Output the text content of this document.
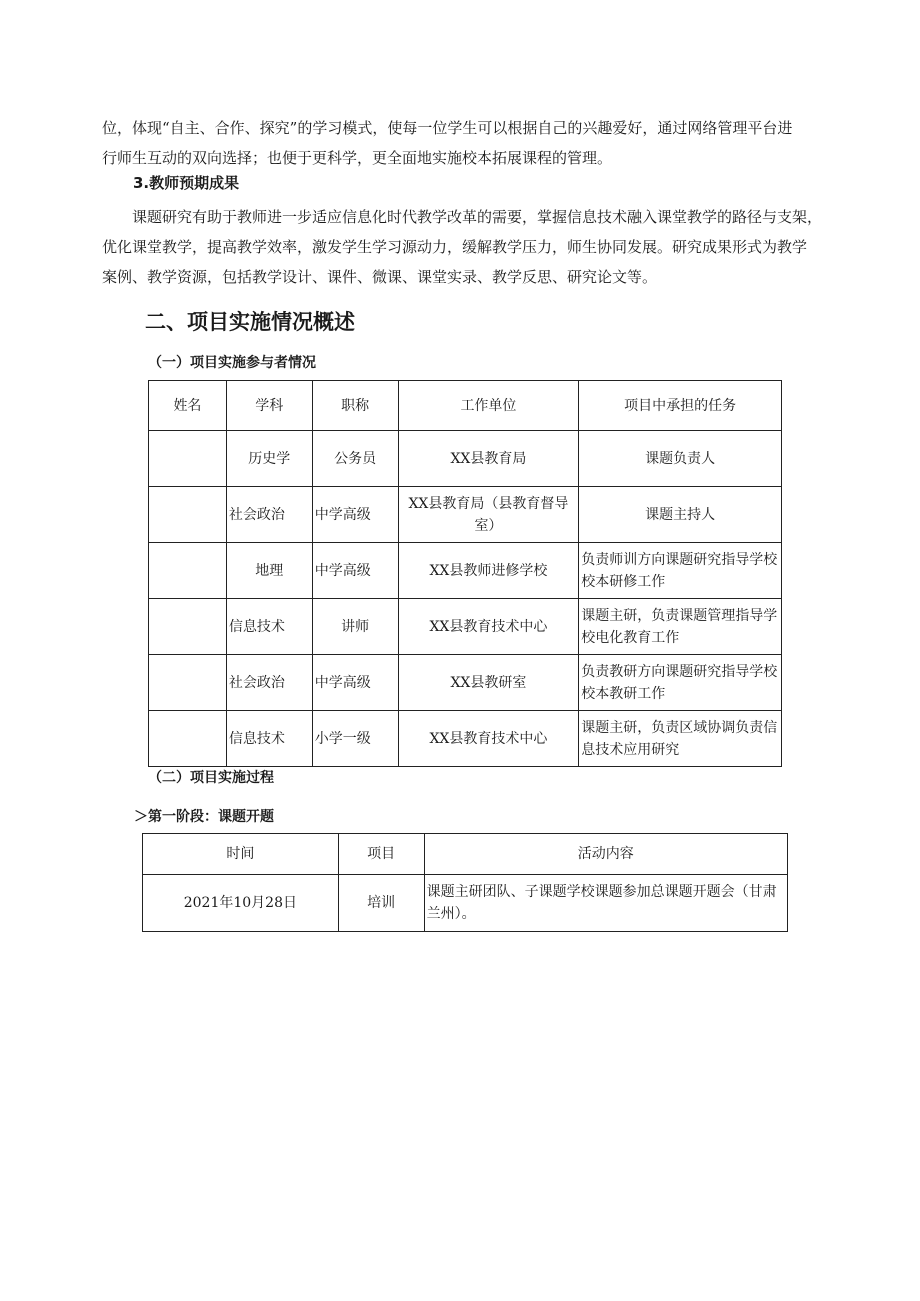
位，体现“自主、合作、探究”的学习模式，使每一位学生可以根据自己的兴趣爱好，通过网络管理平台进
行师生互动的双向选择；也便于更科学，更全面地实施校本拓展课程的管理。
3.教师预期成果
课题研究有助于教师进一步适应信息化时代教学改革的需要，掌握信息技术融入课堂教学的路径与支架，
优化课堂教学，提高教学效率，激发学生学习源动力，缓解教学压力，师生协同发展。研究成果形式为教学
案例、教学资源，包括教学设计、课件、微课、课堂实录、教学反思、研究论文等。
二、项目实施情况概述
（一）项目实施参与者情况
姓名	学科	职称	工作单位	项目中承担的任务
	历史学	公务员	XX县教育局	课题负责人
	社会政治	中学高级	XX县教育局（县教育督导室）	课题主持人
	地理	中学高级	XX县教师进修学校	负责师训方向课题研究指导学校校本研修工作
	信息技术	讲师	XX县教育技术中心	课题主研，负责课题管理指导学校电化教育工作
	社会政治	中学高级	XX县教研室	负责教研方向课题研究指导学校校本教研工作
	信息技术	小学一级	XX县教育技术中心	课题主研，负责区域协调负责信息技术应用研究
（二）项目实施过程
＞第一阶段：课题开题
时间	项目	活动内容
2021年10月28日	培训	课题主研团队、子课题学校课题参加总课题开题会（甘肃兰州）。
